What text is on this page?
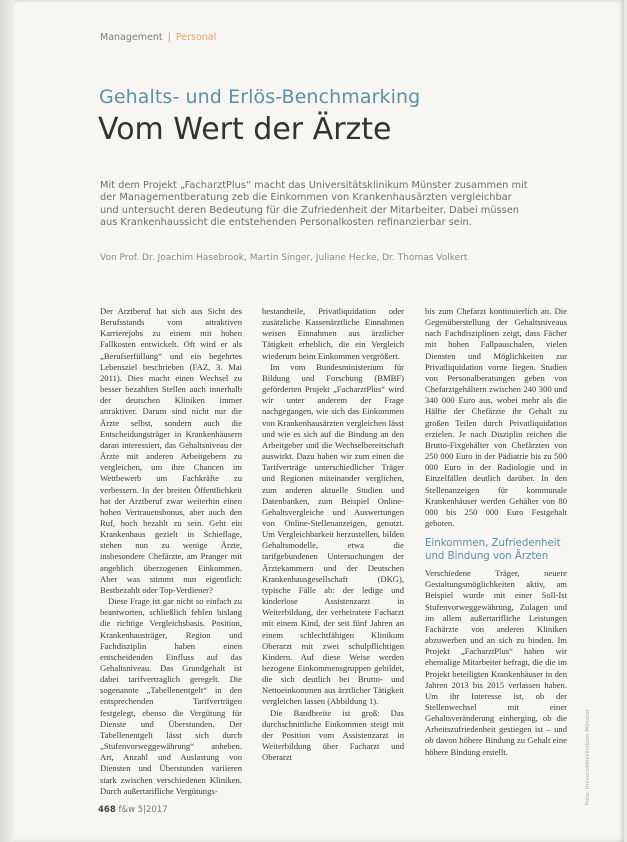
Management | Personal
Gehalts- und Erlös-Benchmarking
Vom Wert der Ärzte
Mit dem Projekt „FacharztPlus“ macht das Universitätsklinikum Münster zusammen mit der Managementberatung zeb die Einkommen von Krankenhausärzten vergleichbar und untersucht deren Bedeutung für die Zufriedenheit der Mitarbeiter. Dabei müssen aus Krankenhaussicht die entstehenden Personalkosten refinanzierbar sein.
Von Prof. Dr. Joachim Hasebrook, Martin Singer, Juliane Hecke, Dr. Thomas Volkert

Der Arztberuf hat sich aus Sicht des Berufsstands vom attraktiven Karrierejobs zu einem mit hohen Fallkosten entwickelt. Oft wird er als „Berufserfüllung“ und ein begehrtes Lebensziel beschrieben (FAZ, 3. Mai 2011). Dies macht einen Wechsel zu besser bezahlten Stellen auch innerhalb der deutschen Kliniken immer attraktiver. Darum sind nicht nur die Ärzte selbst, sondern auch die Entscheidungsträger in Krankenhäusern daran interessiert, das Gehaltsniveau der Ärzte mit anderen Arbeitgebern zu vergleichen, um ihre Chancen im Wettbewerb um Fachkräfte zu verbessern. In der breiten Öffentlichkeit hat der Arztberuf zwar weiterhin einen hohen Vertrauensbonus, aber auch den Ruf, hoch bezahlt zu sein. Geht ein Krankenhaus gezielt in Schieflage, stehen nun zu wenige Ärzte, insbesondere Chefärzte, am Pranger mit angeblich überzogenen Einkommen. Aber was stimmt nun eigentlich: Bestbezahlt oder Top-Verdiener?

Diese Frage ist gar nicht so einfach zu beantworten, schließlich fehlen bislang die richtige Vergleichsbasis. Position, Krankenhausträger, Region und Fachdisziplin haben einen entscheidenden Einfluss auf das Gehaltsniveau. Das Grundgehalt ist dabei tarifvertraglich geregelt. Die sogenannte „Tabellenentgelt“ in den entsprechenden Tarifverträgen festgelegt, ebenso die Vergütung für Dienste und Überstunden. Der Tabellenentgelt lässt sich durch „Stufenvorweggewährung“ anheben. Art, Anzahl und Auslastung von Diensten und Überstunden variieren stark zwischen verschiedenen Kliniken. Durch außertarifliche Vergütungs-

bestandteile, Privatliquidation oder zusätzliche Kassenärztliche Einnahmen weisen Einnahmen aus ärztlicher Tätigkeit erheblich, die ein Vergleich wiederum beim Einkommen vergrößert.

Im vom Bundesministerium für Bildung und Forschung (BMBF) geförderten Projekt „FacharztPlus“ wird wir unter anderem der Frage nachgegangen, wie sich das Einkommen von Krankenhausärzten vergleichen lässt und wie es sich auf die Bindung an den Arbeitgeber und die Wechselbereitschaft auswirkt. Dazu haben wir zum einen die Tarifverträge unterschiedlicher Träger und Regionen miteinander verglichen, zum anderen aktuelle Studien und Datenbanken, zum Beispiel Online-Gehaltsvergleiche und Auswertungen von Online-Stellenanzeigen, genutzt. Um Vergleichbarkeit herzustellen, bilden Gehaltsmodelle, etwa die tarifgebundenen Untersuchungen der Ärztekammern und der Deutschen Krankenhausgesellschaft (DKG), typische Fälle ab: der ledige und kinderlose Assistenzarzt in Weiterbildung, der verheiratete Facharzt mit einem Kind, der seit fünf Jahren an einem schlechtfähigen Klinikum Oberarzt mit zwei schulpflichtigen Kindern. Auf diese Weise werden bezogene Einkommensgruppen gebildet, die sich deutlich bei Brutto- und Nettoeinkommen aus ärztlicher Tätigkeit vergleichen lassen (Abbildung 1).

Die Bandbreite ist groß: Das durchschnittliche Einkommen steigt mit der Position vom Assistenzarzt in Weiterbildung über Facharzt und Oberarzt

bis zum Chefarzt kontinuierlich an. Die Gegenüberstellung der Gehaltsniveaus nach Fachdisziplinen zeigt, dass Fächer mit hohen Fallpauschalen, vielen Diensten und Möglichkeiten zur Privatliquidation vorne liegen. Studien von Personalberatungen geben von Chefarztgehältern zwischen 240 300 und 340 000 Euro aus, wobei mehr als die Hälfte der Chefärzte ihr Gehalt zu großen Teilen durch Privatliquidation erzielen. Je nach Disziplin reichen die Brutto-Fixgehälter von Chefärzten von 250 000 Euro in der Pädiatrie bis zu 500 000 Euro in der Radiologie und in Einzelfällen deutlich darüber. In den Stellenanzeigen für kommunale Krankenhäuser werden Gehälter von 80 000 bis 250 000 Euro Festgehalt geboten.

Einkommen, Zufriedenheit und Bindung von Ärzten

Verschiedene Träger, neuere Gestaltungsmöglichkeiten aktiv, am Beispiel wurde mit einer Soll-Ist Stufenvorweggewährung, Zulagen und im allem außertarifliche Leistungen Fachärzte von anderen Kliniken abzuwerben und an sich zu binden. Im Projekt „FacharztPlus“ haben wir ehemalige Mitarbeiter befragt, die die im Projekt beteiligten Krankenhäuser in den Jahren 2013 bis 2015 verlassen haben. Um ihr Interesse ist, ob der Stellenwechsel mit einer Gehaltsveränderung einherging, ob die Arbeitszufriedenheit gestiegen ist – und ob davon höhere Bindung zu Gehalt eine höhere Bindung erstellt.	Foto: Universitätsklinikum Münster
468 f&w 5|2017
